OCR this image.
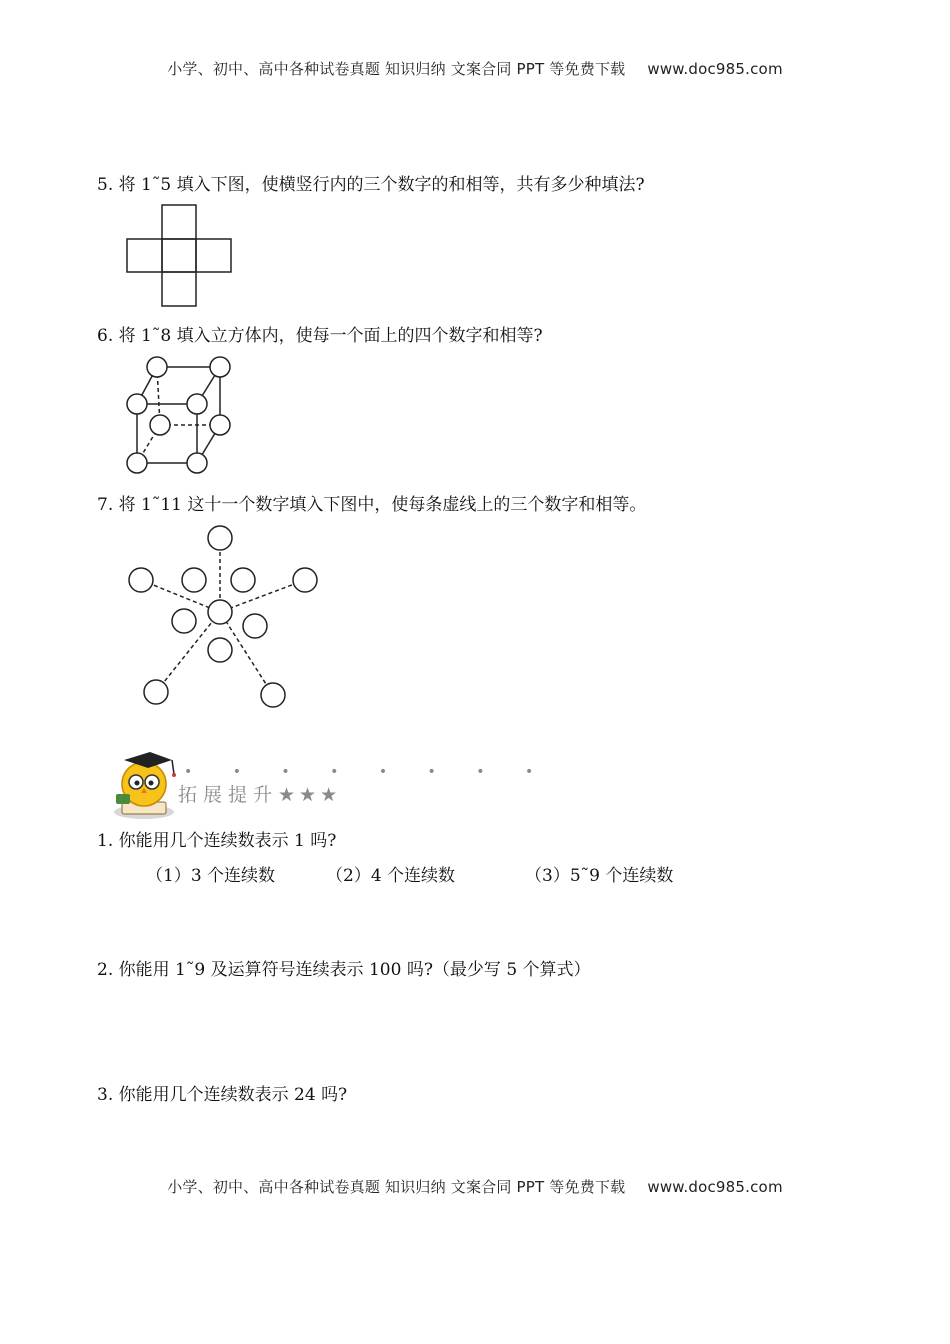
小学、初中、高中各种试卷真题 知识归纳 文案合同 PPT 等免费下载 www.doc985.com
5. 将 1˜5 填入下图，使横竖行内的三个数字的和相等，共有多少种填法?
6. 将 1˜8 填入立方体内，使每一个面上的四个数字和相等?
7. 将 1˜11 这十一个数字填入下图中，使每条虚线上的三个数字和相等。
• • • • • • • •
拓展提升★★★
1. 你能用几个连续数表示 1 吗?
（1）3 个连续数	（2）4 个连续数	（3）5˜9 个连续数
2. 你能用 1˜9 及运算符号连续表示 100 吗?（最少写 5 个算式）
3. 你能用几个连续数表示 24 吗?
小学、初中、高中各种试卷真题 知识归纳 文案合同 PPT 等免费下载 www.doc985.com
